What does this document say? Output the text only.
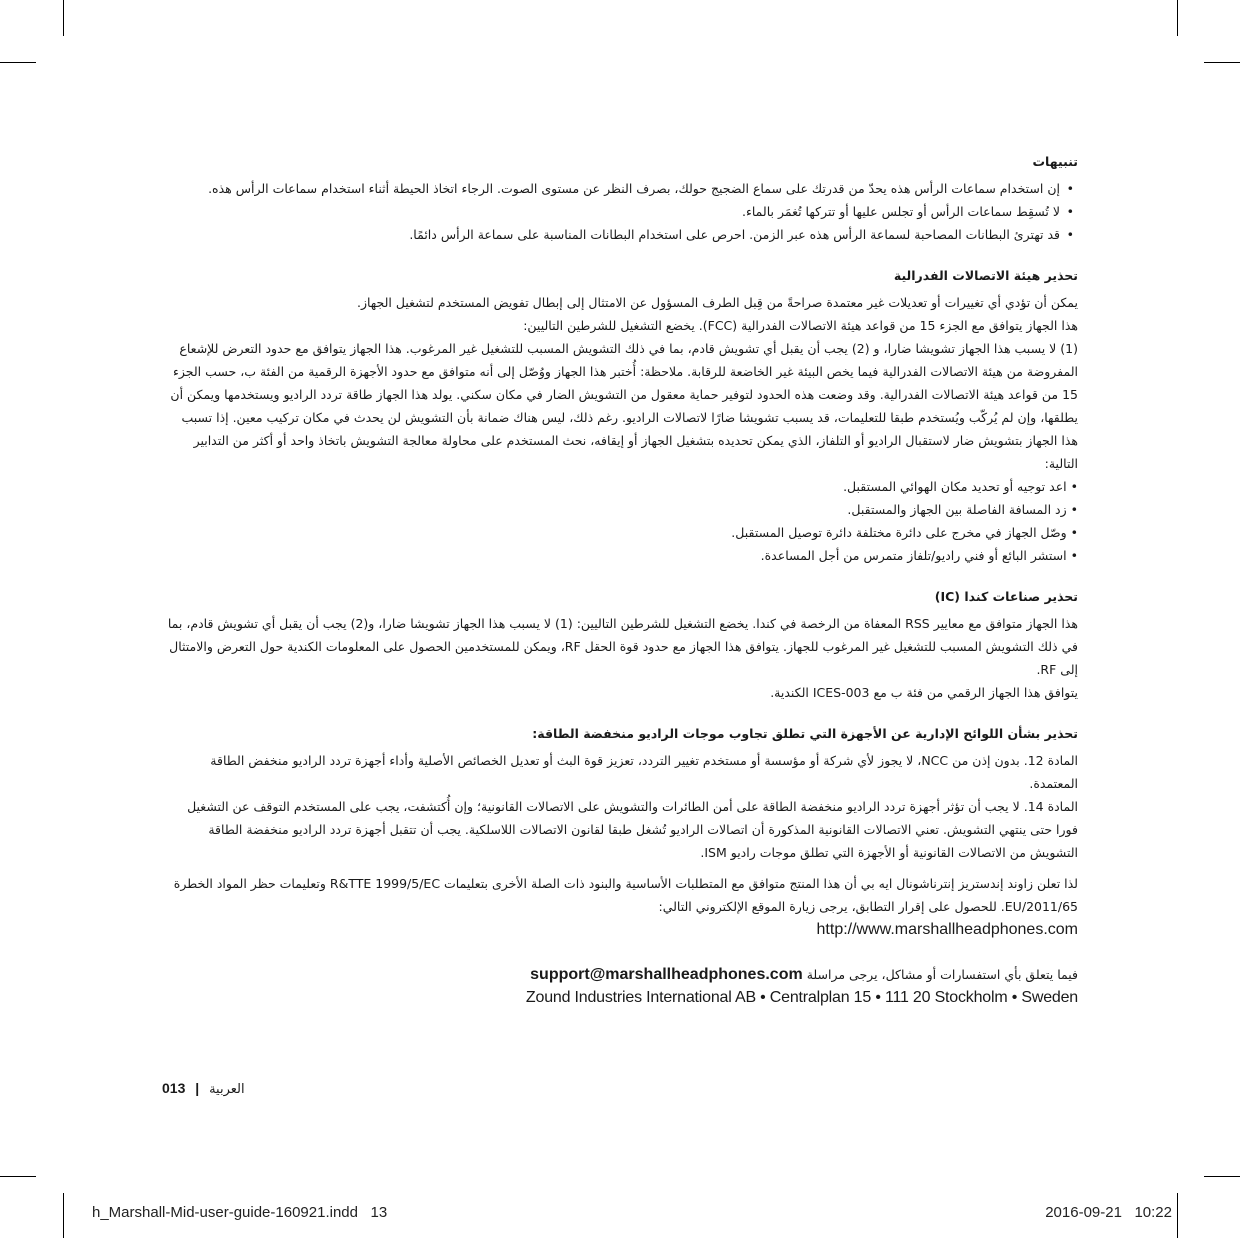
تنبيهات
• إن استخدام سماعات الرأس هذه يحدّ من قدرتك على سماع الضجيج حولك، بصرف النظر عن مستوى الصوت. الرجاء اتخاذ الحيطة أثناء استخدام سماعات الرأس هذه.
• لا تُسقِط سماعات الرأس أو تجلس عليها أو تتركها تُغمَر بالماء.
• قد تهترئ البطانات المصاحبة لسماعة الرأس هذه عبر الزمن. احرص على استخدام البطانات المناسبة على سماعة الرأس دائمًا.
تحذير هيئة الاتصالات الفدرالية
يمكن أن تؤدي أي تغييرات أو تعديلات غير معتمدة صراحةً من قِبل الطرف المسؤول عن الامتثال إلى إبطال تفويض المستخدم لتشغيل الجهاز.
هذا الجهاز يتوافق مع الجزء 15 من قواعد هيئة الاتصالات الفدرالية (FCC). يخضع التشغيل للشرطين التاليين:
(1) لا يسبب هذا الجهاز تشويشا ضارا، و (2) يجب أن يقبل أي تشويش قادم، بما في ذلك التشويش المسبب للتشغيل غير المرغوب. هذا الجهاز يتوافق مع حدود التعرض للإشعاع المفروضة من هيئة الاتصالات الفدرالية فيما يخص البيئة غير الخاضعة للرقابة. ملاحظة: أُختبر هذا الجهاز ووُصّل إلى أنه متوافق مع حدود الأجهزة الرقمية من الفئة ب، حسب الجزء 15 من قواعد هيئة الاتصالات الفدرالية. وقد وضعت هذه الحدود لتوفير حماية معقول من التشويش الضار في مكان سكني. يولد هذا الجهاز طاقة تردد الراديو ويستخدمها ويمكن أن يطلقها، وإن لم يُركّب ويُستخدم طبقا للتعليمات، قد يسبب تشويشا ضارًا لاتصالات الراديو. رغم ذلك، ليس هناك ضمانة بأن التشويش لن يحدث في مكان تركيب معين. إذا تسبب هذا الجهاز بتشويش ضار لاستقبال الراديو أو التلفاز، الذي يمكن تحديده بتشغيل الجهاز أو إيقافه، نحث المستخدم على محاولة معالجة التشويش باتخاذ واحد أو أكثر من التدابير التالية:
• اعد توجيه أو تحديد مكان الهوائي المستقبل.
• زد المسافة الفاصلة بين الجهاز والمستقبل.
• وصّل الجهاز في مخرج على دائرة مختلفة دائرة توصيل المستقبل.
• استشر البائع أو فني راديو/تلفاز متمرس من أجل المساعدة.
تحذير صناعات كندا (IC)
هذا الجهاز متوافق مع معايير RSS المعفاة من الرخصة في كندا. يخضع التشغيل للشرطين التاليين: (1) لا يسبب هذا الجهاز تشويشا ضارا، و(2) يجب أن يقبل أي تشويش قادم، بما في ذلك التشويش المسبب للتشغيل غير المرغوب للجهاز. يتوافق هذا الجهاز مع حدود قوة الحقل RF، ويمكن للمستخدمين الحصول على المعلومات الكندية حول التعرض والامتثال إلى RF.
يتوافق هذا الجهاز الرقمي من فئة ب مع ICES-003 الكندية.
تحذير بشأن اللوائح الإدارية عن الأجهزة التي تطلق تجاوب موجات الراديو منخفضة الطاقة:
المادة 12. بدون إذن من NCC، لا يجوز لأي شركة أو مؤسسة أو مستخدم تغيير التردد، تعزيز قوة البث أو تعديل الخصائص الأصلية وأداء أجهزة تردد الراديو منخفض الطاقة المعتمدة.
المادة 14. لا يجب أن تؤثر أجهزة تردد الراديو منخفضة الطاقة على أمن الطائرات والتشويش على الاتصالات القانونية؛ وإن أُكتشفت، يجب على المستخدم التوقف عن التشغيل فورا حتى ينتهي التشويش. تعني الاتصالات القانونية المذكورة أن اتصالات الراديو تُشغل طبقا لقانون الاتصالات اللاسلكية. يجب أن تتقبل أجهزة تردد الراديو منخفضة الطاقة التشويش من الاتصالات القانونية أو الأجهزة التي تطلق موجات راديو ISM.
لذا تعلن زاوند إندستريز إنترناشونال ايه بي أن هذا المنتج متوافق مع المتطلبات الأساسية والبنود ذات الصلة الأخرى بتعليمات R&TTE 1999/5/EC وتعليمات حظر المواد الخطرة 2011/65/EU. للحصول على إقرار التطابق، يرجى زيارة الموقع الإلكتروني التالي:
http://www.marshallheadphones.com
فيما يتعلق بأي استفسارات أو مشاكل، يرجى مراسلة support@marshallheadphones.com
Zound Industries International AB • Centralplan 15 • 111 20 Stockholm • Sweden
013 | العربية
h_Marshall-Mid-user-guide-160921.indd   13	2016-09-21   10:22
